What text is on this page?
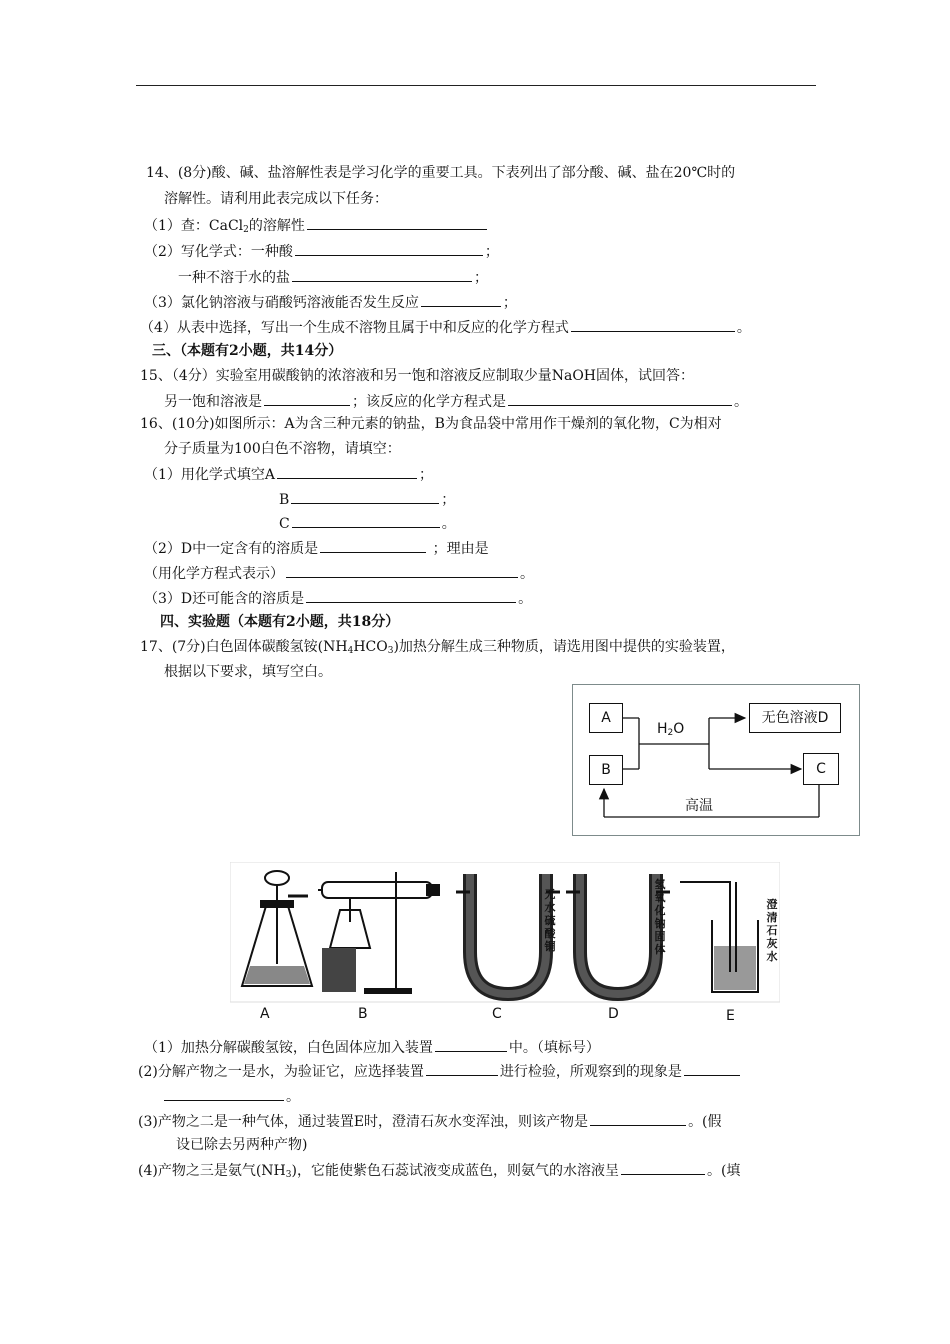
14、(8分)酸、碱、盐溶解性表是学习化学的重要工具。下表列出了部分酸、碱、盐在20℃时的
溶解性。请利用此表完成以下任务：
（1）查：CaCl$_2$的溶解性
（2）写化学式：一种酸	；
一种不溶于水的盐	；
（3）氯化钠溶液与硝酸钙溶液能否发生反应	；
（4）从表中选择，写出一个生成不溶物且属于中和反应的化学方程式	。
三、（本题有2小题，共14分）
15、（4分）实验室用碳酸钠的浓溶液和另一饱和溶液反应制取少量NaOH固体，试回答：
另一饱和溶液是	；该反应的化学方程式是	。
16、(10分)如图所示：A为含三种元素的钠盐，B为食品袋中常用作干燥剂的氧化物，C为相对
分子质量为100白色不溶物，请填空：
（1）用化学式填空A	；
B	；
C	。
（2）D中一定含有的溶质是	；理由是
（用化学方程式表示）	。
（3）D还可能含的溶质是	。
四、实验题（本题有2小题，共18分）
17、(7分)白色固体碳酸氢铵$(NH_4HCO_3)$加热分解生成三种物质，请选用图中提供的实验装置，
根据以下要求，填写空白。
A
B
无色溶液D
C
$H_2O$
高温
无水硫酸铜
氢氧化钠固体
澄清石灰水
A	B	C	D	E
（1）加热分解碳酸氢铵，白色固体应加入装置	中。（填标号）
(2)分解产物之一是水，为验证它，应选择装置	进行检验，所观察到的现象是
。
(3)产物之二是一种气体，通过装置E时，澄清石灰水变浑浊，则该产物是	。(假
设已除去另两种产物)
(4)产物之三是氨气$(NH_3)$，它能使紫色石蕊试液变成蓝色，则氨气的水溶液呈	。(填
